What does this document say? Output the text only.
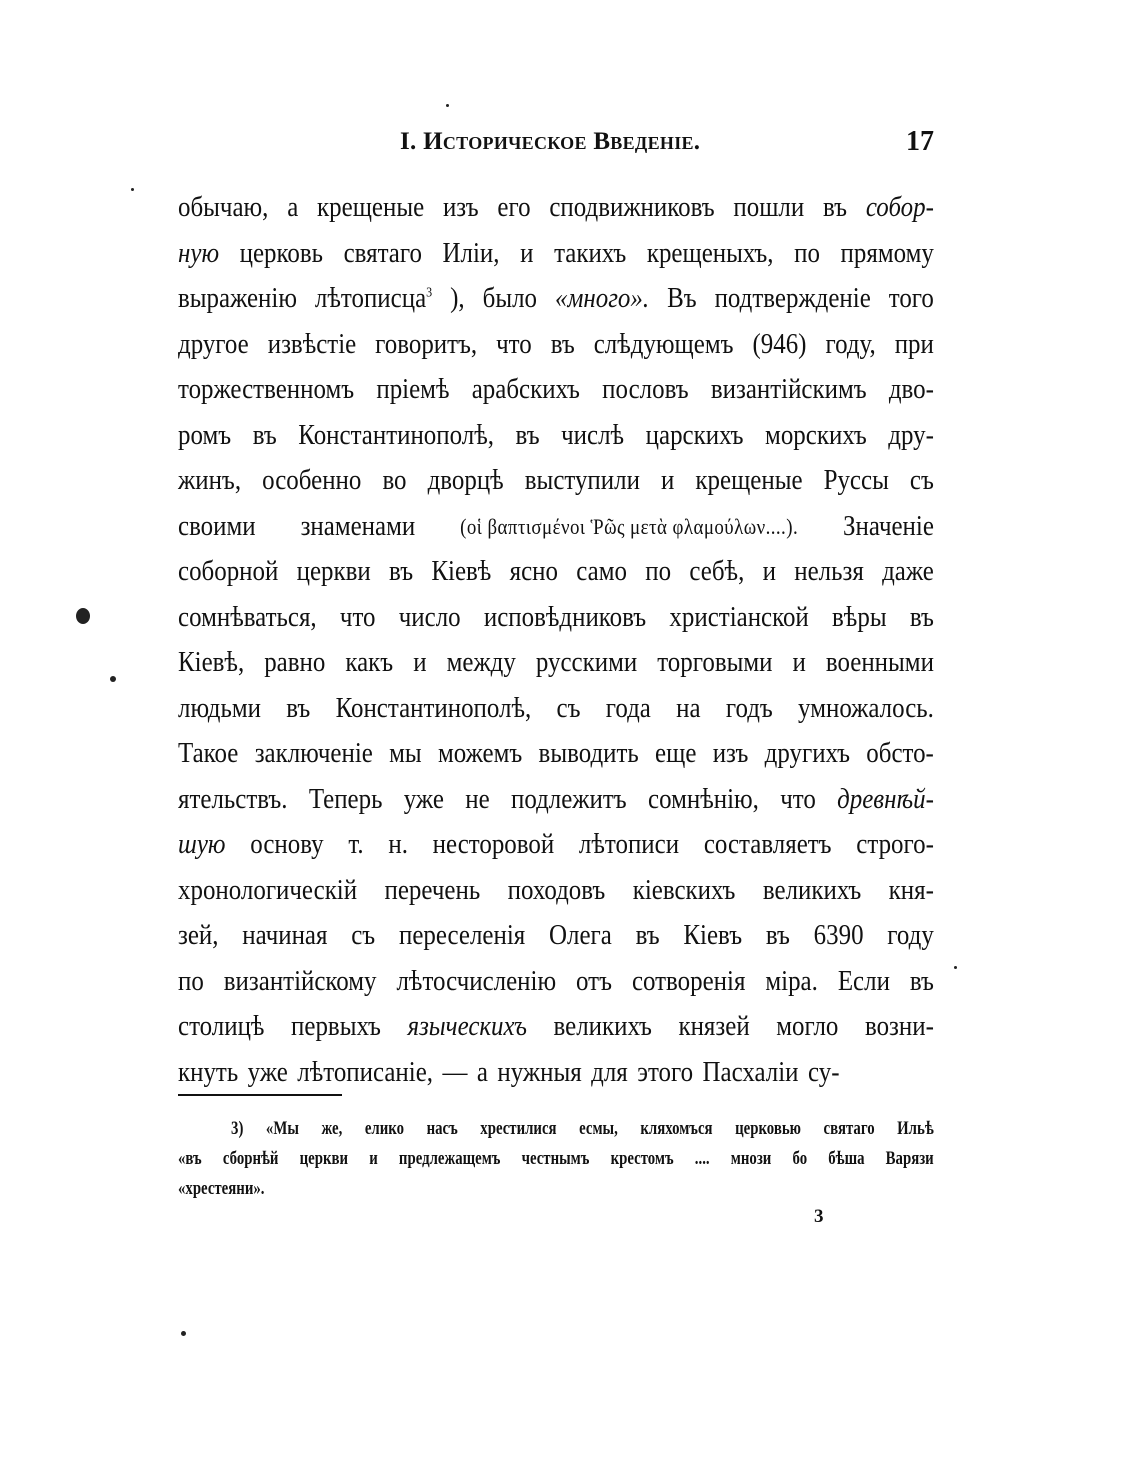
I. Историческое Введеніе.	17
обычаю, а крещеные изъ его сподвижниковъ пошли въ собор-
ную церковь святаго Иліи, и такихъ крещеныхъ, по прямому
выраженію лѣтописца$^3$ ), было «много». Въ подтвержденіе того
другое извѣстіе говоритъ, что въ слѣдующемъ (946) году, при
торжественномъ пріемѣ арабскихъ пословъ византійскимъ дво-
ромъ въ Константинополѣ, въ числѣ царскихъ морскихъ дру-
жинъ, особенно во дворцѣ выступили и крещеные Руссы съ
своими знаменами (οἱ βαπτισμένοι Ῥῶς μετὰ φλαμούλων....). Значеніе
соборной церкви въ Кіевѣ ясно само по себѣ, и нельзя даже
сомнѣваться, что число исповѣдниковъ христіанской вѣры въ
Кіевѣ, равно какъ и между русскими торговыми и военными
людьми въ Константинополѣ, съ года на годъ умножалось.
Такое заключеніе мы можемъ выводить еще изъ другихъ обсто-
ятельствъ. Теперь уже не подлежитъ сомнѣнію, что древнѣй-
шую основу т. н. несторовой лѣтописи составляетъ строго-
хронологическій перечень походовъ кіевскихъ великихъ кня-
зей, начиная съ переселенія Олега въ Кіевъ въ 6390 году
по византійскому лѣтосчисленію отъ сотворенія міра. Если въ
столицѣ первыхъ языческихъ великихъ князей могло возни-
кнуть уже лѣтописаніе, — а нужныя для этого Пасхаліи су-
3) «Мы же, елико насъ хрестилися есмы, кляхомъся церковью святаго Ильѣ
«въ сборнѣй церкви и предлежащемъ честнымъ крестомъ .... мнози бо бѣша Варязи
«хрестеяни».
3
